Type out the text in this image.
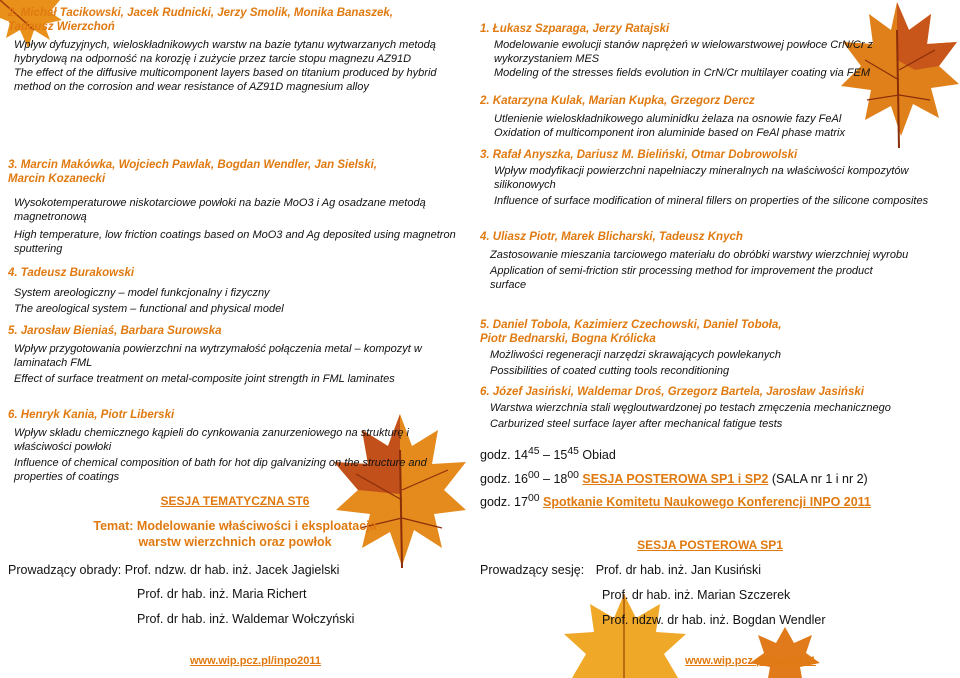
2. Michał Tacikowski, Jacek Rudnicki, Jerzy Smolik, Monika Banaszek,
Tadeusz Wierzchoń
Wpływ dyfuzyjnych, wieloskładnikowych warstw na bazie tytanu wytwarzanych metodą hybrydową na odporność na korozję i zużycie przez tarcie stopu magnezu AZ91D
The effect of the diffusive multicomponent layers based on titanium produced by hybrid method on the corrosion and wear resistance of AZ91D magnesium alloy
3. Marcin Makówka, Wojciech Pawlak, Bogdan Wendler, Jan Sielski,
Marcin Kozanecki
Wysokotemperaturowe niskotarciowe powłoki na bazie MoO3 i Ag osadzane metodą magnetronową
High temperature, low friction coatings based on MoO3 and Ag deposited using magnetron sputtering
4. Tadeusz Burakowski
System areologiczny – model funkcjonalny i fizyczny
The areological system – functional and physical model
5. Jarosław Bieniaś, Barbara Surowska
Wpływ przygotowania powierzchni na wytrzymałość połączenia metal – kompozyt w laminatach FML
Effect of surface treatment on metal-composite joint strength in FML laminates
6. Henryk Kania, Piotr Liberski
Wpływ składu chemicznego kąpieli do cynkowania zanurzeniowego na strukturę i właściwości powłoki
Influence of chemical composition of bath for hot dip galvanizing on the structure and properties of coatings
SESJA TEMATYCZNA ST6
Temat: Modelowanie właściwości i eksploatacja
warstw wierzchnich oraz powłok
Prowadzący obrady: Prof. ndzw. dr hab. inż. Jacek Jagielski
Prof. dr hab. inż. Maria Richert
Prof. dr hab. inż. Waldemar Wołczyński
www.wip.pcz.pl/inpo2011
1. Łukasz Szparaga, Jerzy Ratajski
Modelowanie ewolucji stanów naprężeń w wielowarstwowej powłoce CrN/Cr z wykorzystaniem MES
Modeling of the stresses fields evolution in CrN/Cr multilayer coating via FEM
2. Katarzyna Kulak, Marian Kupka, Grzegorz Dercz
Utlenienie wieloskładnikowego aluminidku żelaza na osnowie fazy FeAl
Oxidation of multicomponent iron aluminide based on FeAl phase matrix
3. Rafał Anyszka, Dariusz M. Bieliński, Otmar Dobrowolski
Wpływ modyfikacji powierzchni napełniaczy mineralnych na właściwości kompozytów silikonowych
Influence of surface modification of mineral fillers on properties of the silicone composites
4. Uliasz Piotr, Marek Blicharski, Tadeusz Knych
Zastosowanie mieszania tarciowego materiału do obróbki warstwy wierzchniej wyrobu
Application of semi-friction stir processing method for improvement the product surface
5. Daniel Tobola, Kazimierz Czechowski, Daniel Toboła,
Piotr Bednarski, Bogna Królicka
Możliwości regeneracji narzędzi skrawających powlekanych
Possibilities of coated cutting tools reconditioning
6. Józef Jasiński, Waldemar Droś, Grzegorz Bartela, Jarosław Jasiński
Warstwa wierzchnia stali węgloutwardzonej po testach zmęczenia mechanicznego
Carburized steel surface layer after mechanical fatigue tests
godz. $14^{45} - 15^{45}$ Obiad
godz. $16^{00} - 18^{00}$ SESJA POSTEROWA SP1 i SP2 (SALA nr 1 i nr 2)
godz. $17^{00}$ Spotkanie Komitetu Naukowego Konferencji INPO 2011
SESJA POSTEROWA SP1
Prowadzący sesję: Prof. dr hab. inż. Jan Kusiński
Prof. dr hab. inż. Marian Szczerek
Prof. ndzw. dr hab. inż. Bogdan Wendler
www.wip.pcz.pl/inpo2011
